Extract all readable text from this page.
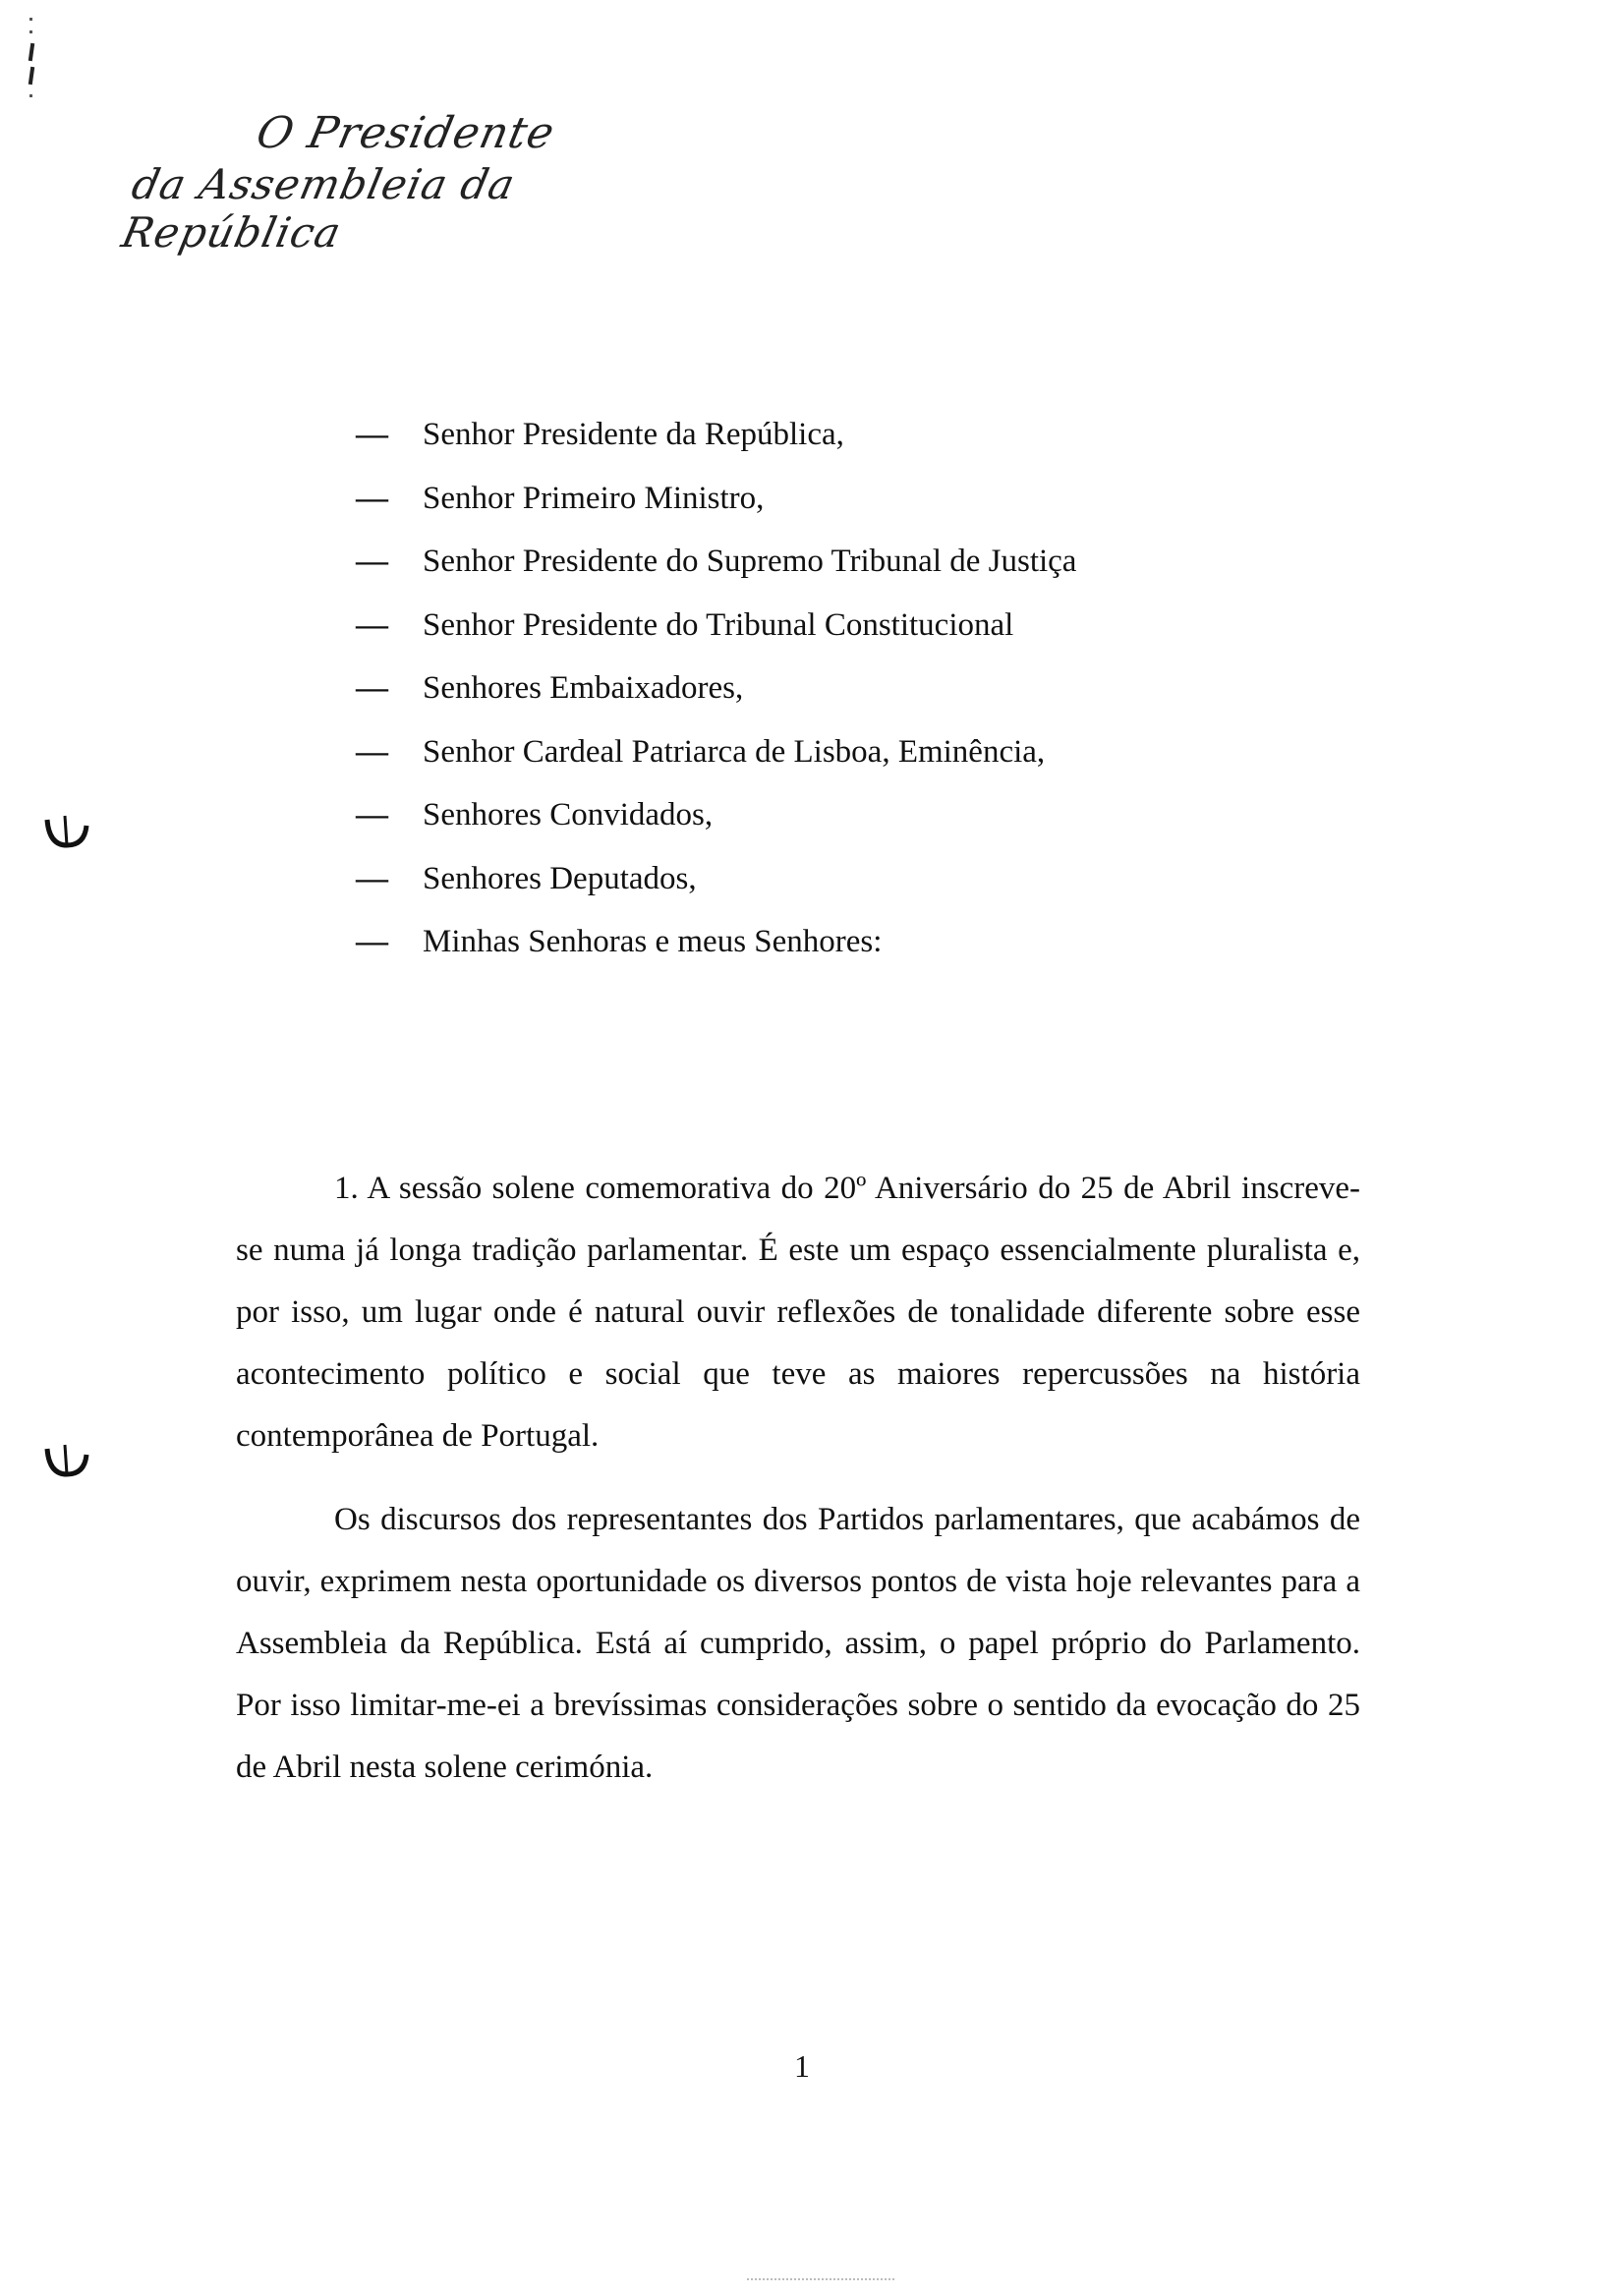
O Presidente
da Assembleia da República
— Senhor Presidente da República,
— Senhor Primeiro Ministro,
— Senhor Presidente do Supremo Tribunal de Justiça
— Senhor Presidente do Tribunal Constitucional
— Senhores Embaixadores,
— Senhor Cardeal Patriarca de Lisboa, Eminência,
— Senhores Convidados,
— Senhores Deputados,
— Minhas Senhoras e meus Senhores:

1. A sessão solene comemorativa do 20º Aniversário do 25 de Abril inscreve-se numa já longa tradição parlamentar. É este um espaço essencialmente pluralista e, por isso, um lugar onde é natural ouvir reflexões de tonalidade diferente sobre esse acontecimento político e social que teve as maiores repercussões na história contemporânea de Portugal.

Os discursos dos representantes dos Partidos parlamentares, que acabámos de ouvir, exprimem nesta oportunidade os diversos pontos de vista hoje relevantes para a Assembleia da República. Está aí cumprido, assim, o papel próprio do Parlamento. Por isso limitar-me-ei a brevíssimas considerações sobre o sentido da evocação do 25 de Abril nesta solene cerimónia.

1
